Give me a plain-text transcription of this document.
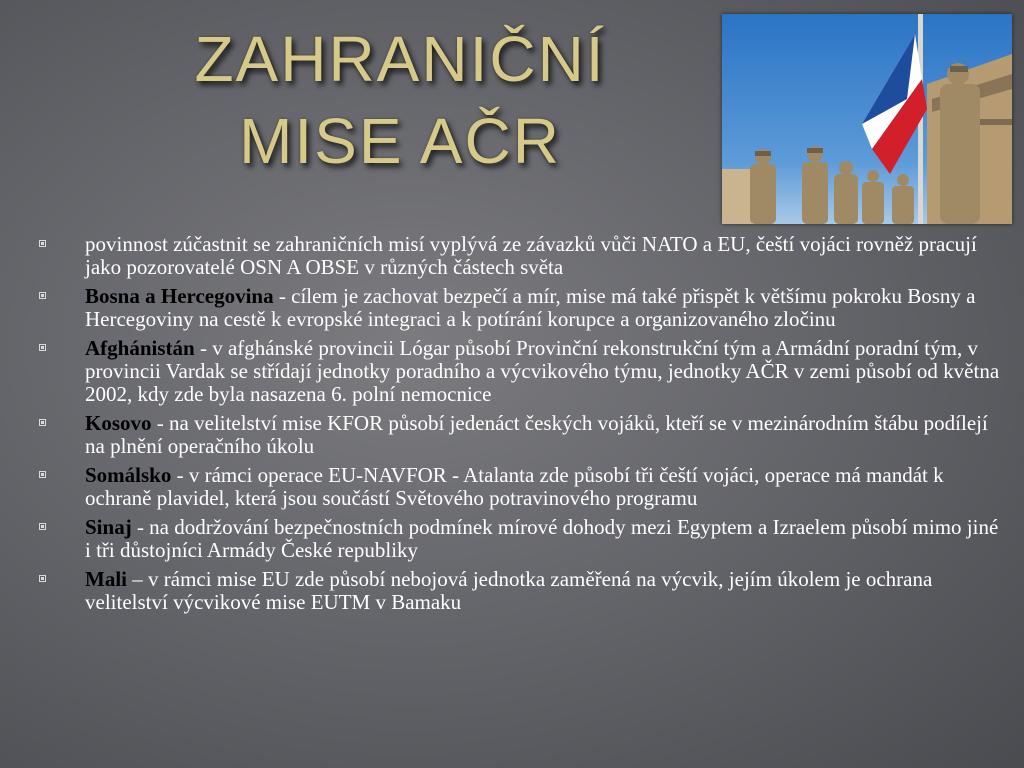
ZAHRANIČNÍ
MISE AČR
povinnost zúčastnit se zahraničních misí vyplývá ze závazků vůči NATO a EU, čeští vojáci rovněž pracují jako pozorovatelé OSN A OBSE v různých částech světa
Bosna a Hercegovina - cílem je zachovat bezpečí a mír, mise má také přispět k většímu pokroku Bosny a Hercegoviny na cestě k evropské integraci a k potírání korupce a organizovaného zločinu
Afghánistán - v afghánské provincii Lógar působí Provinční rekonstrukční tým a Armádní poradní tým, v provincii Vardak se střídají jednotky poradního a výcvikového týmu, jednotky AČR v zemi působí od května 2002, kdy zde byla nasazena 6. polní nemocnice
Kosovo - na velitelství mise KFOR působí jedenáct českých vojáků, kteří se v mezinárodním štábu podílejí na plnění operačního úkolu
Somálsko - v rámci operace EU-NAVFOR - Atalanta zde působí tři čeští vojáci, operace má mandát k ochraně plavidel, která jsou součástí Světového potravinového programu
Sinaj - na dodržování bezpečnostních podmínek mírové dohody mezi Egyptem a Izraelem působí mimo jiné i tři důstojníci Armády České republiky
Mali – v rámci mise EU zde působí nebojová jednotka zaměřená na výcvik, jejím úkolem je ochrana velitelství výcvikové mise EUTM v Bamaku
